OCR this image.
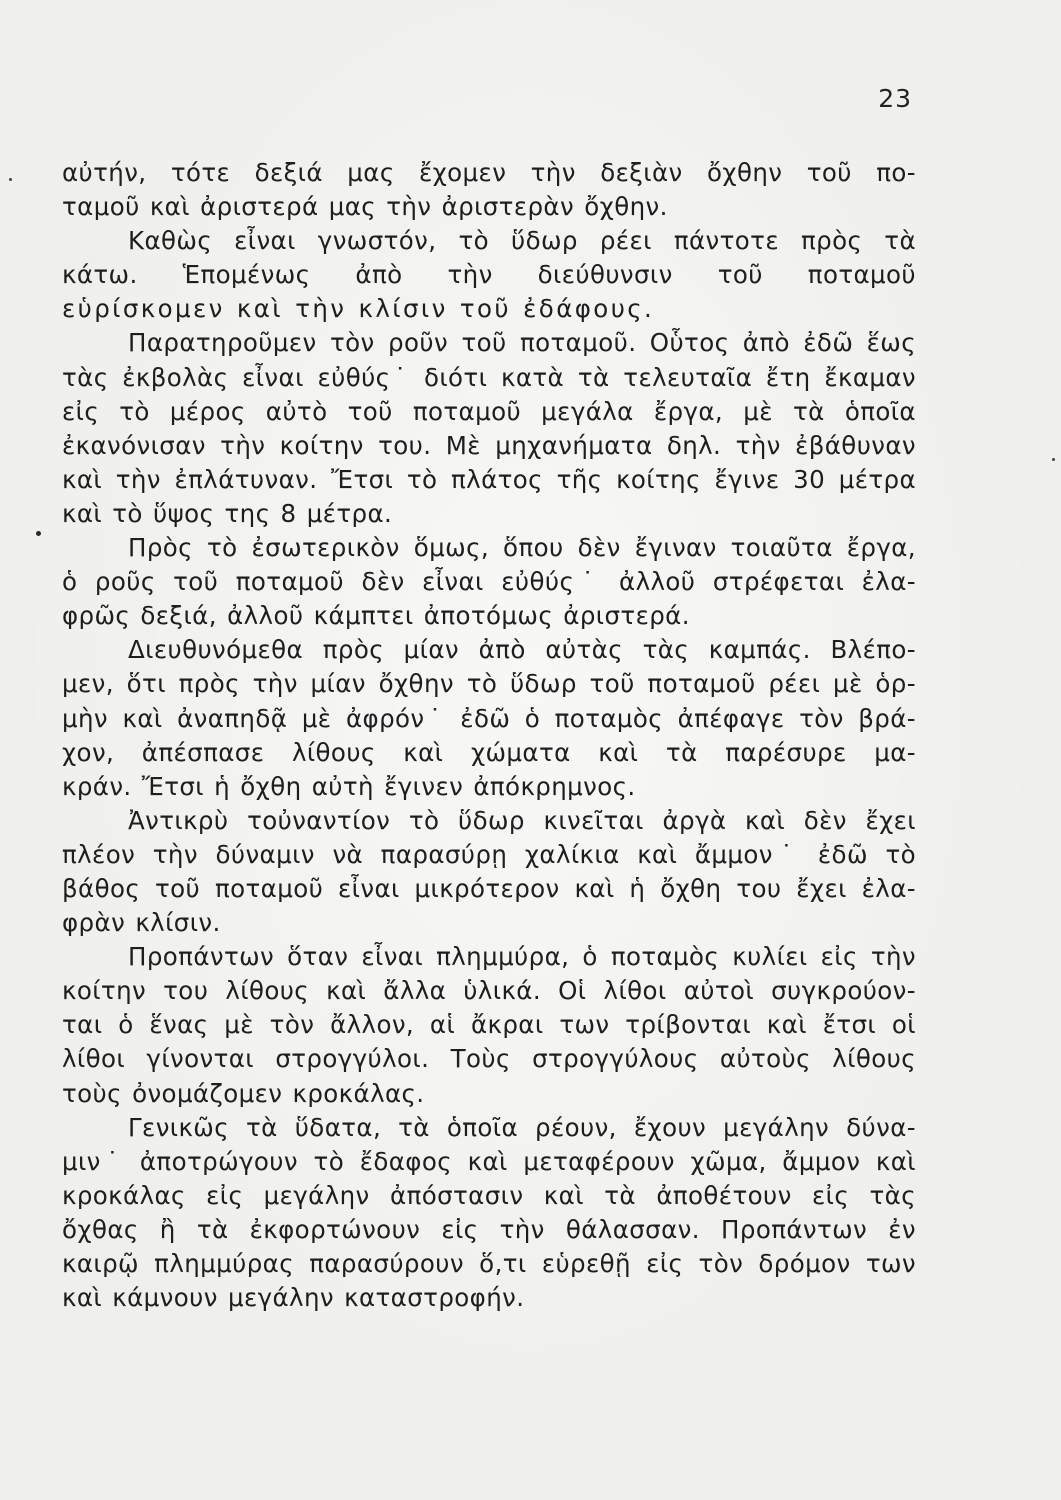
23
αὐτήν, τότε δεξιά μας ἔχομεν τὴν δεξιὰν ὄχθην τοῦ πο-
ταμοῦ καὶ ἀριστερά μας τὴν ἀριστερὰν ὄχθην.
Καθὼς εἶναι γνωστόν, τὸ ὕδωρ ρέει πάντοτε πρὸς τὰ
κάτω. Ἑπομένως ἀπὸ τὴν διεύθυνσιν τοῦ ποταμοῦ
εὑρίσκομεν καὶ τὴν κλίσιν τοῦ ἐδάφους.
Παρατηροῦμεν τὸν ροῦν τοῦ ποταμοῦ. Οὗτος ἀπὸ ἐδῶ ἕως
τὰς ἐκβολὰς εἶναι εὐθύς˙ διότι κατὰ τὰ τελευταῖα ἔτη ἔκαμαν
εἰς τὸ μέρος αὐτὸ τοῦ ποταμοῦ μεγάλα ἔργα, μὲ τὰ ὁποῖα
ἐκανόνισαν τὴν κοίτην του. Μὲ μηχανήματα δηλ. τὴν ἐβάθυναν
καὶ τὴν ἐπλάτυναν. Ἔτσι τὸ πλάτος τῆς κοίτης ἔγινε 30 μέτρα
καὶ τὸ ὕψος της 8 μέτρα.
Πρὸς τὸ ἐσωτερικὸν ὅμως, ὅπου δὲν ἔγιναν τοιαῦτα ἔργα,
ὁ ροῦς τοῦ ποταμοῦ δὲν εἶναι εὐθύς˙ ἀλλοῦ στρέφεται ἐλα-
φρῶς δεξιά, ἀλλοῦ κάμπτει ἀποτόμως ἀριστερά.
Διευθυνόμεθα πρὸς μίαν ἀπὸ αὐτὰς τὰς καμπάς. Βλέπο-
μεν, ὅτι πρὸς τὴν μίαν ὄχθην τὸ ὕδωρ τοῦ ποταμοῦ ρέει μὲ ὁρ-
μὴν καὶ ἀναπηδᾷ μὲ ἀφρόν˙ ἐδῶ ὁ ποταμὸς ἀπέφαγε τὸν βρά-
χον, ἀπέσπασε λίθους καὶ χώματα καὶ τὰ παρέσυρε μα-
κράν. Ἔτσι ἡ ὄχθη αὐτὴ ἔγινεν ἀπόκρημνος.
Ἀντικρὺ τοὐναντίον τὸ ὕδωρ κινεῖται ἀργὰ καὶ δὲν ἔχει
πλέον τὴν δύναμιν νὰ παρασύρῃ χαλίκια καὶ ἄμμον˙ ἐδῶ τὸ
βάθος τοῦ ποταμοῦ εἶναι μικρότερον καὶ ἡ ὄχθη του ἔχει ἐλα-
φρὰν κλίσιν.
Προπάντων ὅταν εἶναι πλημμύρα, ὁ ποταμὸς κυλίει εἰς τὴν
κοίτην του λίθους καὶ ἄλλα ὑλικά. Οἱ λίθοι αὐτοὶ συγκρούον-
ται ὁ ἕνας μὲ τὸν ἄλλον, αἱ ἄκραι των τρίβονται καὶ ἔτσι οἱ
λίθοι γίνονται στρογγύλοι. Τοὺς στρογγύλους αὐτοὺς λίθους
τοὺς ὀνομάζομεν κροκάλας.
Γενικῶς τὰ ὕδατα, τὰ ὁποῖα ρέουν, ἔχουν μεγάλην δύνα-
μιν˙ ἀποτρώγουν τὸ ἔδαφος καὶ μεταφέρουν χῶμα, ἄμμον καὶ
κροκάλας εἰς μεγάλην ἀπόστασιν καὶ τὰ ἀποθέτουν εἰς τὰς
ὄχθας ἢ τὰ ἐκφορτώνουν εἰς τὴν θάλασσαν. Προπάντων ἐν
καιρῷ πλημμύρας παρασύρουν ὅ,τι εὑρεθῇ εἰς τὸν δρόμον των
καὶ κάμνουν μεγάλην καταστροφήν.
